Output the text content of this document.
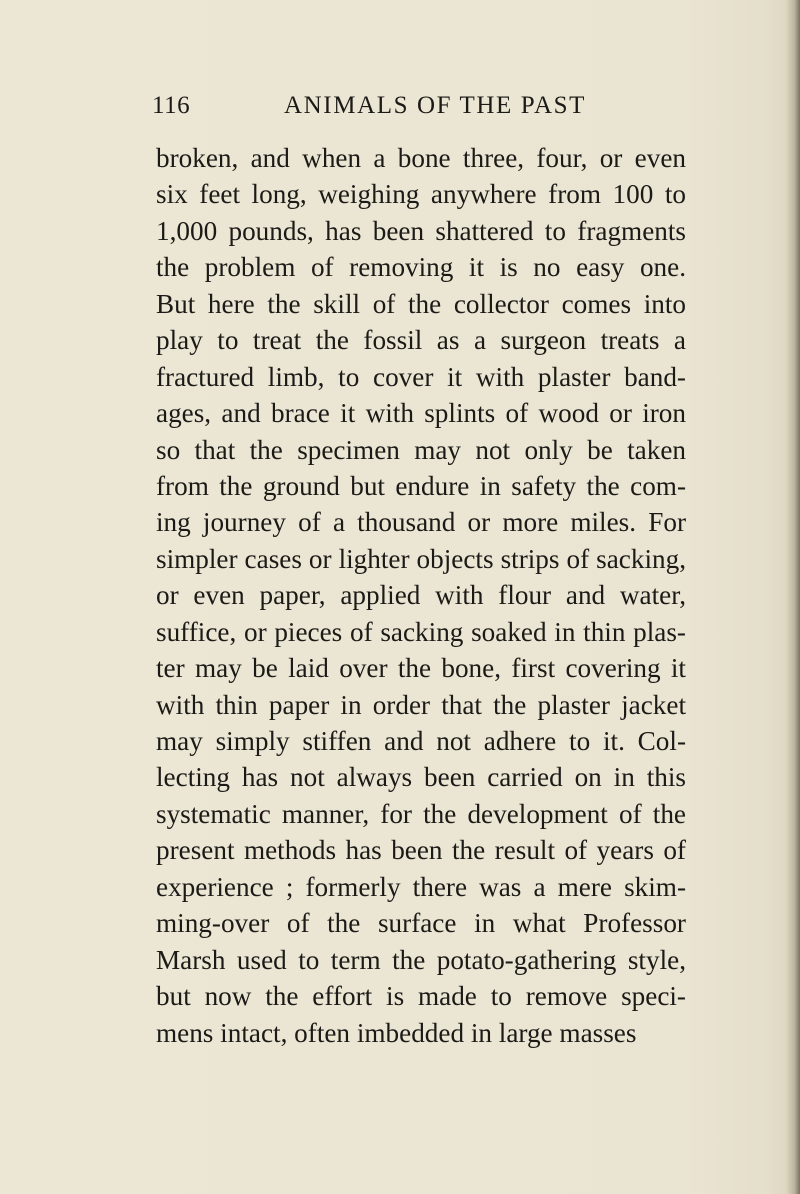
116	ANIMALS OF THE PAST
broken, and when a bone three, four, or even
six feet long, weighing anywhere from 100 to
1,000 pounds, has been shattered to fragments
the problem of removing it is no easy one.
But here the skill of the collector comes into
play to treat the fossil as a surgeon treats a
fractured limb, to cover it with plaster band-
ages, and brace it with splints of wood or iron
so that the specimen may not only be taken
from the ground but endure in safety the com-
ing journey of a thousand or more miles. For
simpler cases or lighter objects strips of sacking,
or even paper, applied with flour and water,
suffice, or pieces of sacking soaked in thin plas-
ter may be laid over the bone, first covering it
with thin paper in order that the plaster jacket
may simply stiffen and not adhere to it. Col-
lecting has not always been carried on in this
systematic manner, for the development of the
present methods has been the result of years of
experience ; formerly there was a mere skim-
ming-over of the surface in what Professor
Marsh used to term the potato-gathering style,
but now the effort is made to remove speci-
mens intact, often imbedded in large masses
